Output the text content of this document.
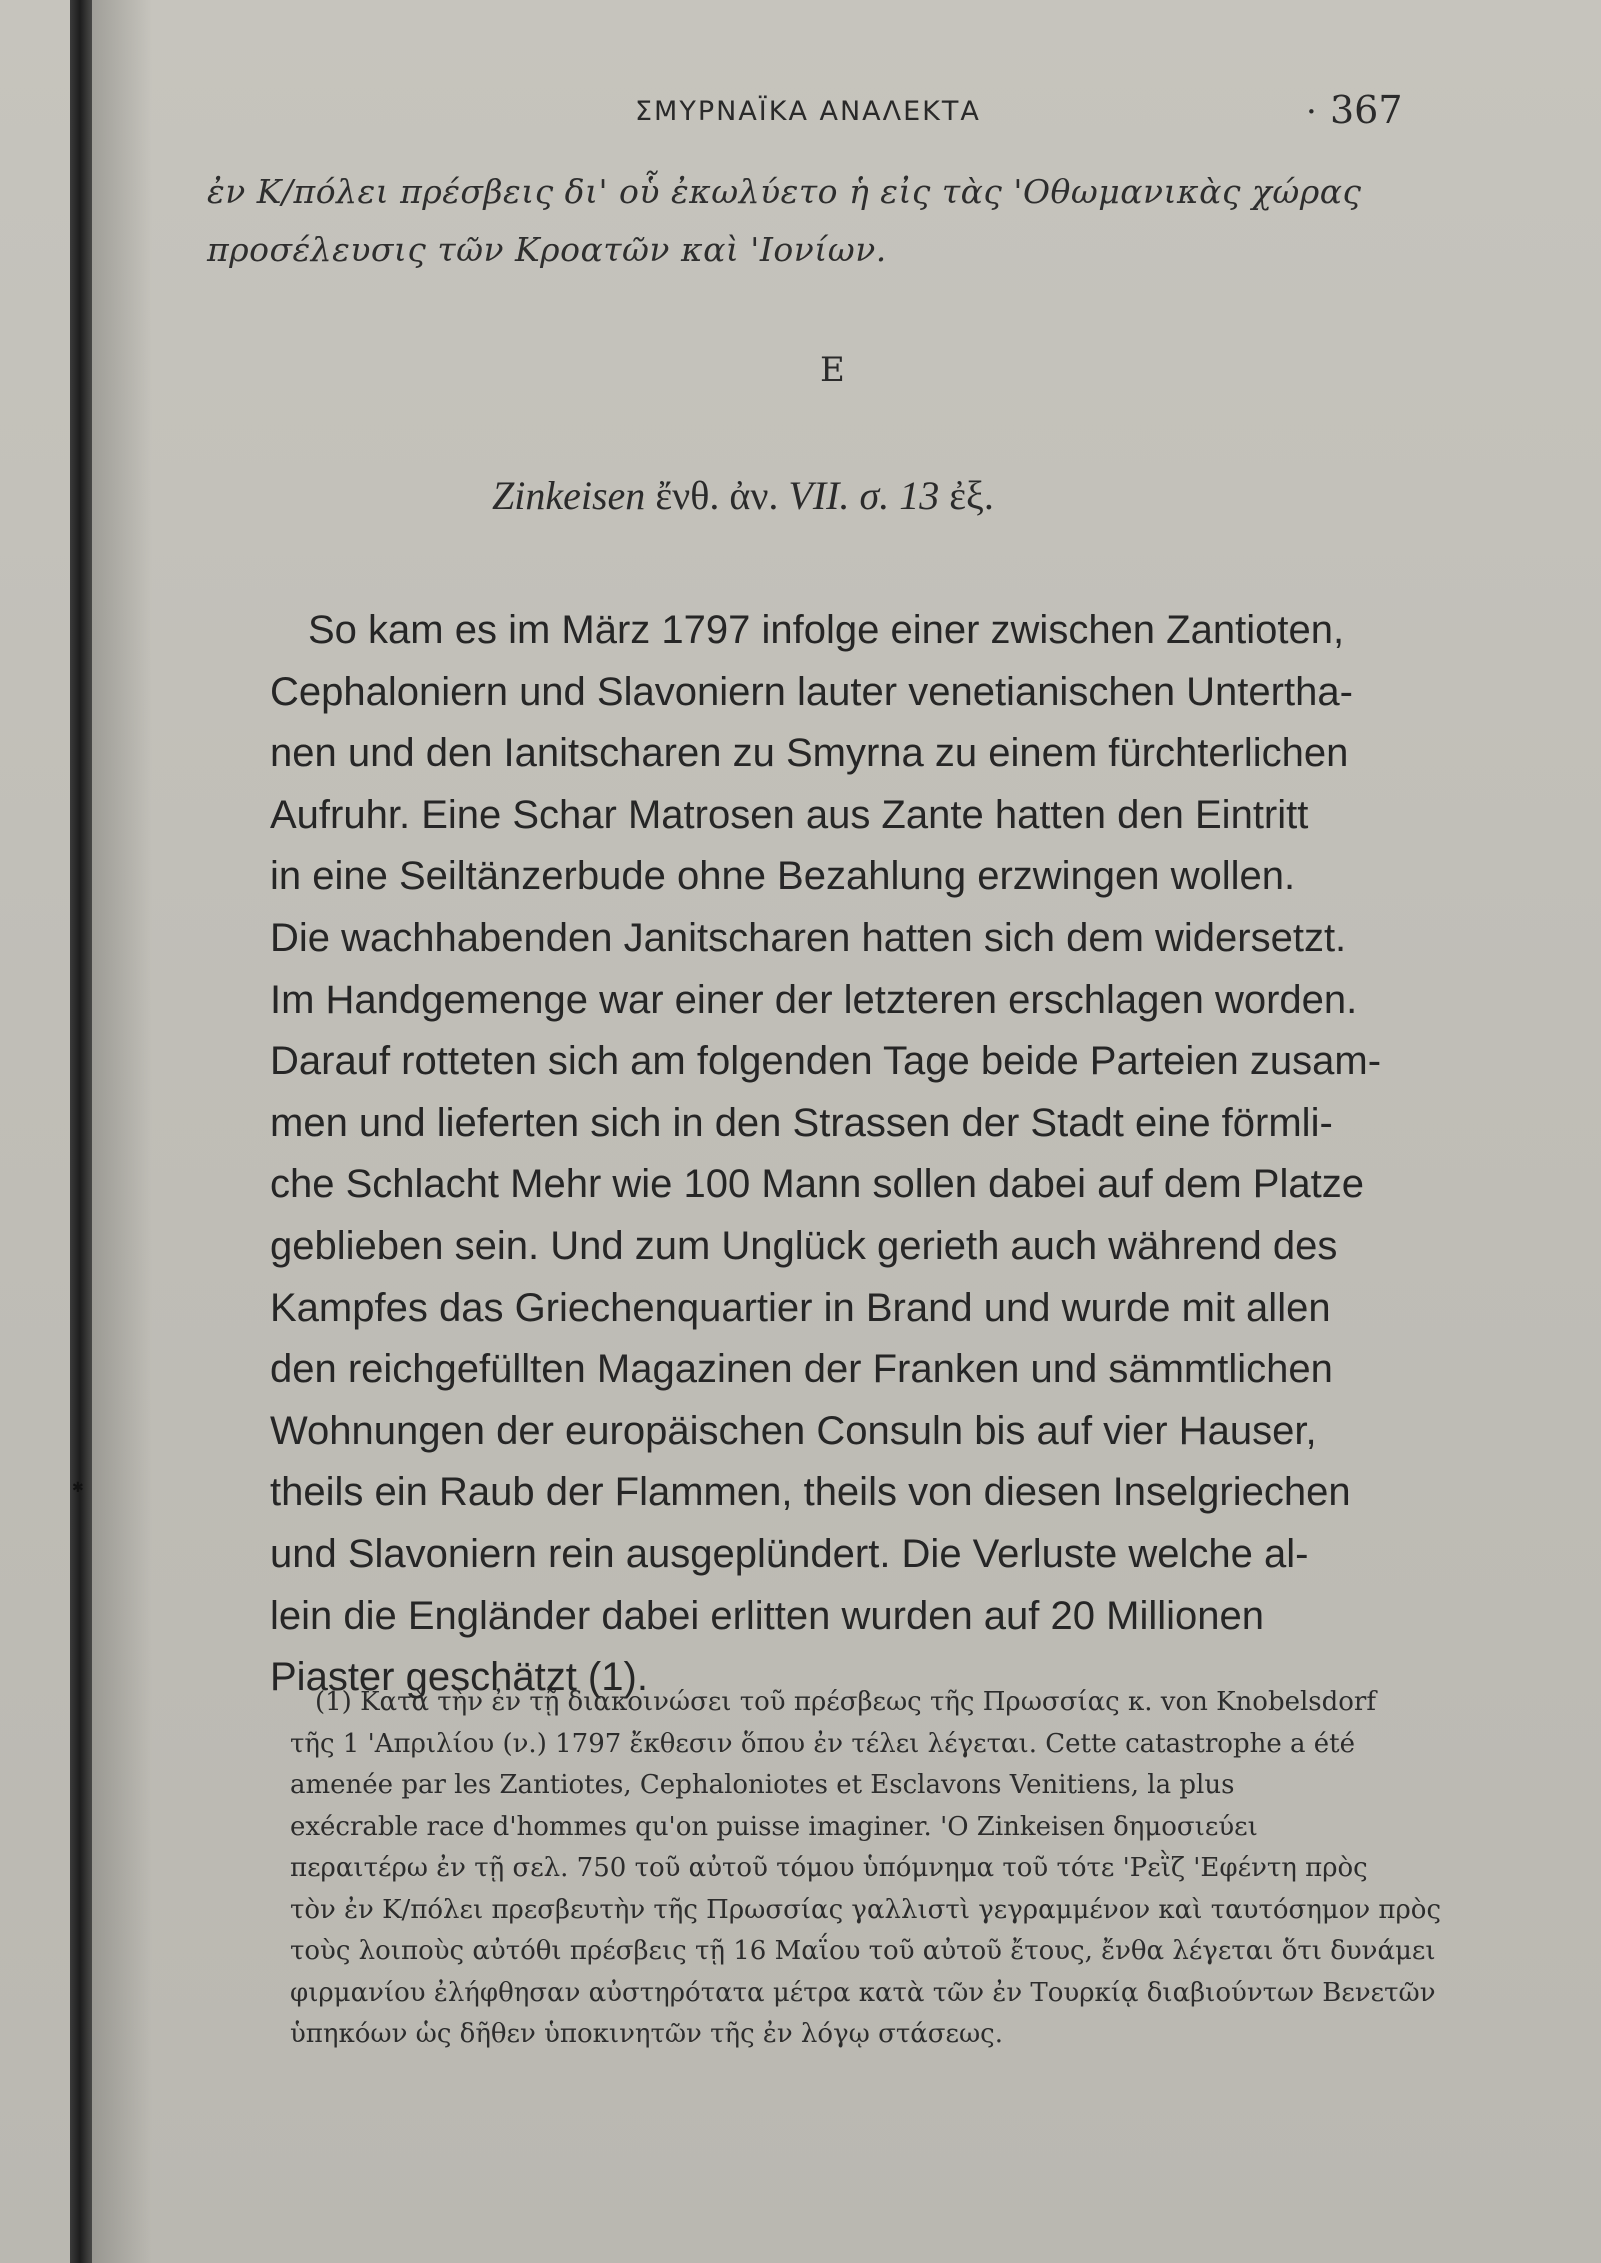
ΣΜΥΡΝΑΪΚΑ ΑΝΑΛΕΚΤΑ	· 367
ἐν Κ/πόλει πρέσβεις δι' οὗ ἐκωλύετο ἡ εἰς τὰς 'Οθωμανικὰς χώρας
προσέλευσις τῶν Κροατῶν καὶ 'Ιονίων.
Ε
Zinkeisen ἔνθ. ἀν. VII. σ. 13 ἐξ.
So kam es im März 1797 infolge einer zwischen Zantioten,
Cephaloniern und Slavoniern lauter venetianischen Untertha-
nen und den Ianitscharen zu Smyrna zu einem fürchterlichen
Aufruhr. Eine Schar Matrosen aus Zante hatten den Eintritt
in eine Seiltänzerbude ohne Bezahlung erzwingen wollen.
Die wachhabenden Janitscharen hatten sich dem widersetzt.
Im Handgemenge war einer der letzteren erschlagen worden.
Darauf rotteten sich am folgenden Tage beide Parteien zusam-
men und lieferten sich in den Strassen der Stadt eine förmli-
che Schlacht Mehr wie 100 Mann sollen dabei auf dem Platze
geblieben sein. Und zum Unglück gerieth auch während des
Kampfes das Griechenquartier in Brand und wurde mit allen
den reichgefüllten Magazinen der Franken und sämmtlichen
Wohnungen der europäischen Consuln bis auf vier Hauser,
theils ein Raub der Flammen, theils von diesen Inselgriechen
und Slavoniern rein ausgeplündert. Die Verluste welche al-
lein die Engländer dabei erlitten wurden auf 20 Millionen
Piaster geschätzt (1).
✱
(1) Κατὰ τὴν ἐν τῇ διακοινώσει τοῦ πρέσβεως τῆς Πρωσσίας κ. von Knobelsdorf
τῆς 1 'Απριλίου (ν.) 1797 ἔκθεσιν ὅπου ἐν τέλει λέγεται. Cette catastrophe a été
amenée par les Zantiotes, Cephaloniotes et Esclavons Venitiens, la plus
exécrable race d'hommes qu'on puisse imaginer. 'Ο Zinkeisen δημοσιεύει
περαιτέρω ἐν τῇ σελ. 750 τοῦ αὐτοῦ τόμου ὑπόμνημα τοῦ τότε 'Ρεῒζ 'Εφέντη πρὸς
τὸν ἐν Κ/πόλει πρεσβευτὴν τῆς Πρωσσίας γαλλιστὶ γεγραμμένον καὶ ταυτόσημον πρὸς
τοὺς λοιποὺς αὐτόθι πρέσβεις τῇ 16 Μαΐου τοῦ αὐτοῦ ἔτους, ἔνθα λέγεται ὅτι δυνάμει
φιρμανίου ἐλήφθησαν αὐστηρότατα μέτρα κατὰ τῶν ἐν Τουρκίᾳ διαβιούντων Βενετῶν
ὑπηκόων ὡς δῆθεν ὑποκινητῶν τῆς ἐν λόγῳ στάσεως.
